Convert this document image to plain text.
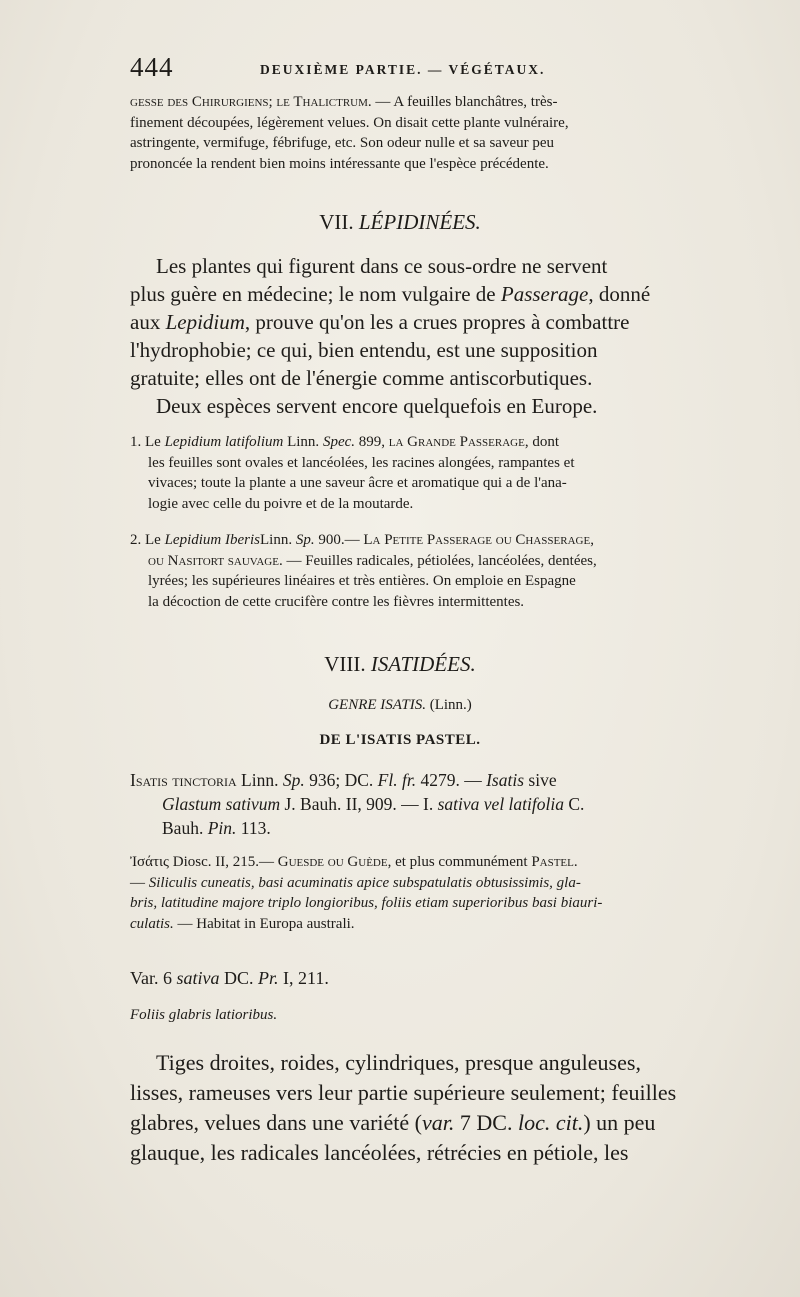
444	DEUXIÈME PARTIE. — VÉGÉTAUX.
gesse des Chirurgiens; le Thalictrum. — A feuilles blanchâtres, très-
finement découpées, légèrement velues. On disait cette plante vulnéraire,
astringente, vermifuge, fébrifuge, etc. Son odeur nulle et sa saveur peu
prononcée la rendent bien moins intéressante que l'espèce précédente.
VII. LÉPIDINÉES.
Les plantes qui figurent dans ce sous-ordre ne servent
plus guère en médecine; le nom vulgaire de Passerage, donné
aux Lepidium, prouve qu'on les a crues propres à combattre
l'hydrophobie; ce qui, bien entendu, est une supposition
gratuite; elles ont de l'énergie comme antiscorbutiques.
Deux espèces servent encore quelquefois en Europe.
1. Le Lepidium latifolium Linn. Spec. 899, la Grande Passerage, dont
les feuilles sont ovales et lancéolées, les racines alongées, rampantes et
vivaces; toute la plante a une saveur âcre et aromatique qui a de l'ana-
logie avec celle du poivre et de la moutarde.
2. Le Lepidium IberisLinn. Sp. 900.— La Petite Passerage ou Chasserage,
ou Nasitort sauvage. — Feuilles radicales, pétiolées, lancéolées, dentées,
lyrées; les supérieures linéaires et très entières. On emploie en Espagne
la décoction de cette crucifère contre les fièvres intermittentes.
VIII. ISATIDÉES.
GENRE ISATIS. (Linn.)
DE L'ISATIS PASTEL.
Isatis tinctoria Linn. Sp. 936; DC. Fl. fr. 4279. — Isatis sive
Glastum sativum J. Bauh. II, 909. — I. sativa vel latifolia C.
Bauh. Pin. 113.
Ἰσάτις Diosc. II, 215.— Guesde ou Guède, et plus communément Pastel.
— Siliculis cuneatis, basi acuminatis apice subspatulatis obtusissimis, gla-
bris, latitudine majore triplo longioribus, foliis etiam superioribus basi biauri-
culatis. — Habitat in Europa australi.
Var. 6 sativa DC. Pr. I, 211.
Foliis glabris latioribus.
Tiges droites, roides, cylindriques, presque anguleuses,
lisses, rameuses vers leur partie supérieure seulement; feuilles
glabres, velues dans une variété (var. 7 DC. loc. cit.) un peu
glauque, les radicales lancéolées, rétrécies en pétiole, les
